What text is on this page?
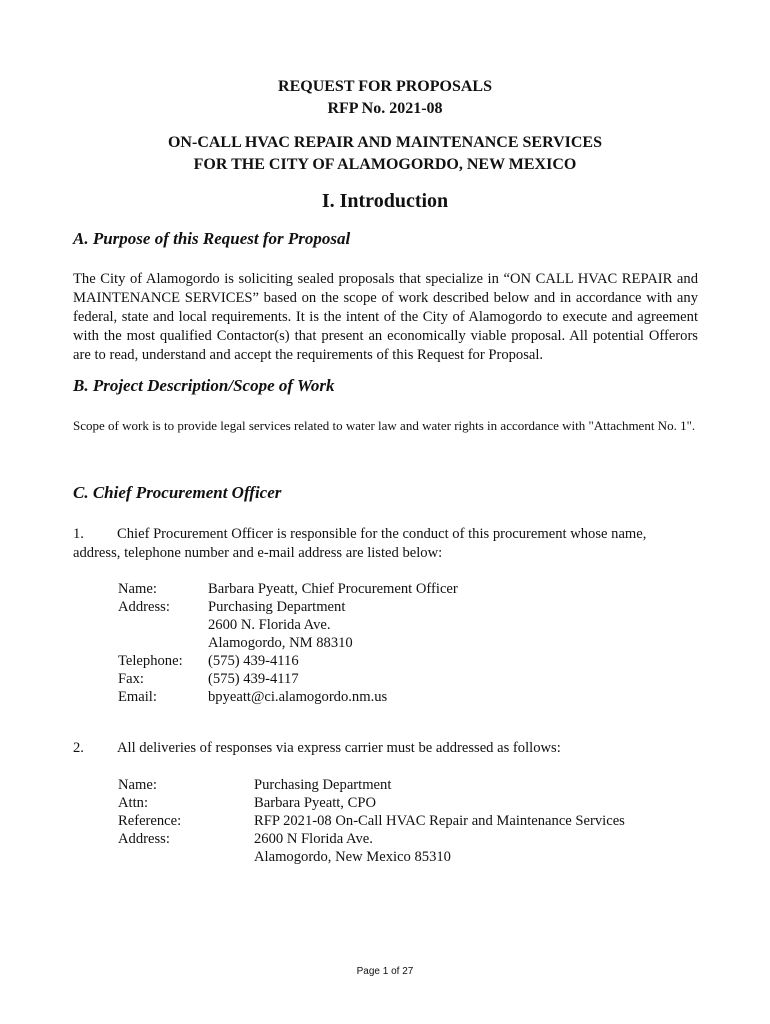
REQUEST FOR PROPOSALS
RFP No. 2021-08
ON-CALL HVAC REPAIR AND MAINTENANCE SERVICES
FOR THE CITY OF ALAMOGORDO, NEW MEXICO
I. Introduction
A. Purpose of this Request for Proposal
The City of Alamogordo is soliciting sealed proposals that specialize in “ON CALL HVAC REPAIR and MAINTENANCE SERVICES” based on the scope of work described below and in accordance with any federal, state and local requirements. It is the intent of the City of Alamogordo to execute and agreement with the most qualified Contactor(s) that present an economically viable proposal. All potential Offerors are to read, understand and accept the requirements of this Request for Proposal.
B. Project Description/Scope of Work
Scope of work is to provide legal services related to water law and water rights in accordance with "Attachment No. 1".
C. Chief Procurement Officer
1. Chief Procurement Officer is responsible for the conduct of this procurement whose name,
address, telephone number and e-mail address are listed below:
Name:	Barbara Pyeatt, Chief Procurement Officer
Address:	Purchasing Department
2600 N. Florida Ave.
Alamogordo, NM 88310
Telephone:	(575) 439-4116
Fax:	(575) 439-4117
Email:	bpyeatt@ci.alamogordo.nm.us
2. All deliveries of responses via express carrier must be addressed as follows:
Name:	Purchasing Department
Attn:	Barbara Pyeatt, CPO
Reference:	RFP 2021-08 On-Call HVAC Repair and Maintenance Services
Address:	2600 N Florida Ave.
Alamogordo, New Mexico 85310
Page 1 of 27
